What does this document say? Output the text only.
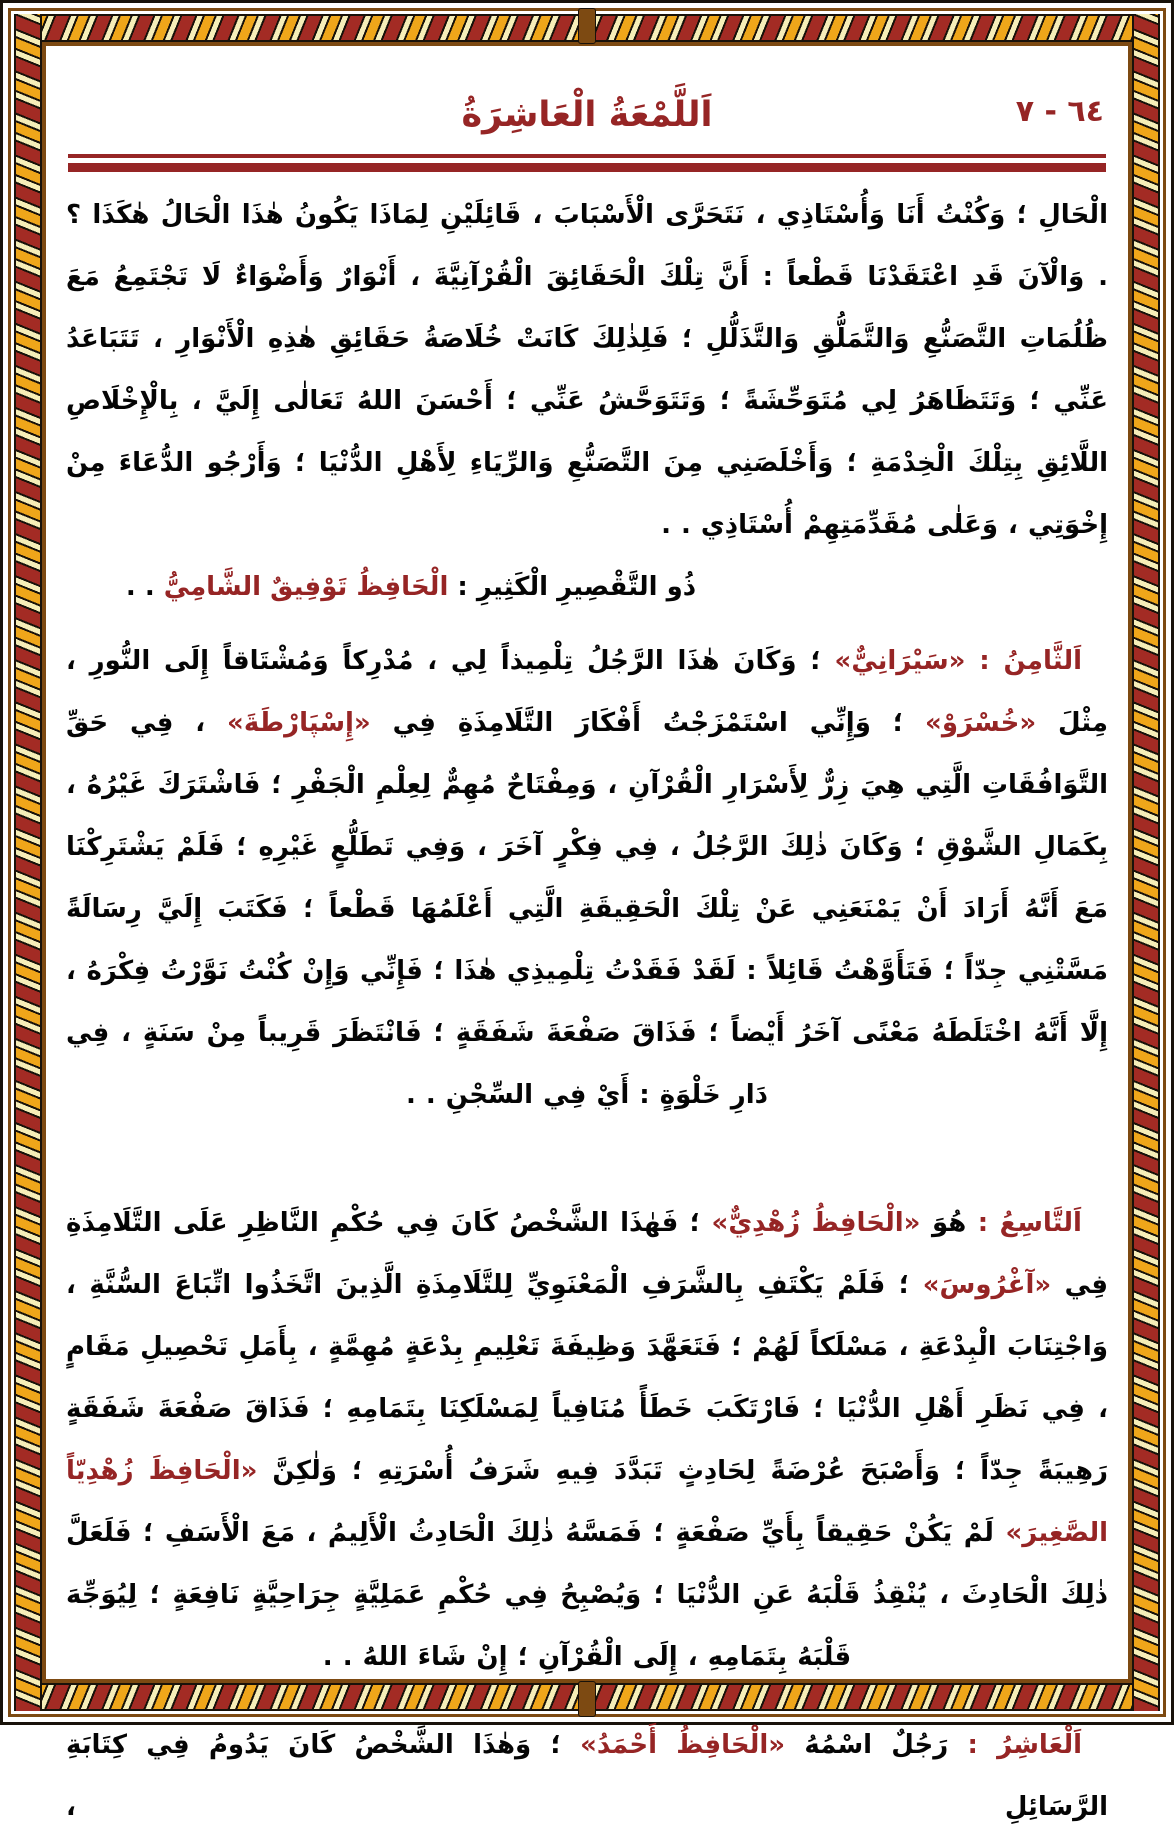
٦٤ - ٧
اَللَّمْعَةُ الْعَاشِرَةُ

الْحَالِ ؛ وَكُنْتُ أَنَا وَأُسْتَاذِي ، نَتَحَرَّى الْأَسْبَابَ ، قَائِلَيْنِ لِمَاذَا يَكُونُ هٰذَا الْحَالُ هٰكَذَا ؟ . وَالْآنَ قَدِ اعْتَقَدْنَا قَطْعاً : أَنَّ تِلْكَ الْحَقَائِقَ الْقُرْآنِيَّةَ ، أَنْوَارٌ وَأَضْوَاءٌ لَا تَجْتَمِعُ مَعَ ظُلُمَاتِ التَّصَنُّعِ وَالتَّمَلُّقِ وَالتَّذَلُّلِ ؛ فَلِذٰلِكَ كَانَتْ خُلَاصَةُ حَقَائِقِ هٰذِهِ الْأَنْوَارِ ، تَتَبَاعَدُ عَنِّي ؛ وَتَتَظَاهَرُ لِي مُتَوَحِّشَةً ؛ وَتَتَوَحَّشُ عَنِّي ؛ أَحْسَنَ اللهُ تَعَالٰى إِلَيَّ ، بِالْإِخْلَاصِ اللَّائِقِ بِتِلْكَ الْخِدْمَةِ ؛ وَأَخْلَصَنِي مِنَ التَّصَنُّعِ وَالرِّيَاءِ لِأَهْلِ الدُّنْيَا ؛ وَأَرْجُو الدُّعَاءَ مِنْ إِخْوَتِي ، وَعَلٰى مُقَدِّمَتِهِمْ أُسْتَاذِي . .

ذُو التَّقْصِيرِ الْكَثِيرِ : الْحَافِظُ تَوْفِيقٌ الشَّامِيُّ . .

اَلثَّامِنُ : «سَيْرَانِيٌّ» ؛ وَكَانَ هٰذَا الرَّجُلُ تِلْمِيذاً لِي ، مُدْرِكاً وَمُشْتَاقاً إِلَى النُّورِ ، مِثْلَ «خُسْرَوْ» ؛ وَإِنِّي اسْتَمْزَجْتُ أَفْكَارَ التَّلَامِذَةِ فِي «إِسْپَارْطَةَ» ، فِي حَقِّ التَّوَافُقَاتِ الَّتِي هِيَ زِرٌّ لِأَسْرَارِ الْقُرْآنِ ، وَمِفْتَاحٌ مُهِمٌّ لِعِلْمِ الْجَفْرِ ؛ فَاشْتَرَكَ غَيْرُهُ ، بِكَمَالِ الشَّوْقِ ؛ وَكَانَ ذٰلِكَ الرَّجُلُ ، فِي فِكْرٍ آخَرَ ، وَفِي تَطَلُّعٍ غَيْرِهِ ؛ فَلَمْ يَشْتَرِكْنَا مَعَ أَنَّهُ أَرَادَ أَنْ يَمْنَعَنِي عَنْ تِلْكَ الْحَقِيقَةِ الَّتِي أَعْلَمُهَا قَطْعاً ؛ فَكَتَبَ إِلَيَّ رِسَالَةً مَسَّتْنِي جِدّاً ؛ فَتَأَوَّهْتُ قَائِلاً : لَقَدْ فَقَدْتُ تِلْمِيذِي هٰذَا ؛ فَإِنِّي وَإِنْ كُنْتُ نَوَّرْتُ فِكْرَهُ ، إِلَّا أَنَّهُ اخْتَلَطَهُ مَعْنًى آخَرُ أَيْضاً ؛ فَذَاقَ صَفْعَةَ شَفَقَةٍ ؛ فَانْتَظَرَ قَرِيباً مِنْ سَنَةٍ ، فِي دَارِ خَلْوَةٍ : أَيْ فِي السِّجْنِ . .

اَلتَّاسِعُ : هُوَ «الْحَافِظُ زُهْدِيٌّ» ؛ فَهٰذَا الشَّخْصُ كَانَ فِي حُكْمِ النَّاظِرِ عَلَى التَّلَامِذَةِ فِي «آغْرُوسَ» ؛ فَلَمْ يَكْتَفِ بِالشَّرَفِ الْمَعْنَوِيِّ لِلتَّلَامِذَةِ الَّذِينَ اتَّخَذُوا اتِّبَاعَ السُّنَّةِ ، وَاجْتِنَابَ الْبِدْعَةِ ، مَسْلَكاً لَهُمْ ؛ فَتَعَهَّدَ وَظِيفَةَ تَعْلِيمِ بِدْعَةٍ مُهِمَّةٍ ، بِأَمَلِ تَحْصِيلِ مَقَامٍ ، فِي نَظَرِ أَهْلِ الدُّنْيَا ؛ فَارْتَكَبَ خَطَأً مُنَافِياً لِمَسْلَكِنَا بِتَمَامِهِ ؛ فَذَاقَ صَفْعَةَ شَفَقَةٍ رَهِيبَةً جِدّاً ؛ وَأَصْبَحَ عُرْضَةً لِحَادِثٍ تَبَدَّدَ فِيهِ شَرَفُ أُسْرَتِهِ ؛ وَلٰكِنَّ «الْحَافِظَ زُهْدِيّاً الصَّغِيرَ» لَمْ يَكُنْ حَقِيقاً بِأَيِّ صَفْعَةٍ ؛ فَمَسَّهُ ذٰلِكَ الْحَادِثُ الْأَلِيمُ ، مَعَ الْأَسَفِ ؛ فَلَعَلَّ ذٰلِكَ الْحَادِثَ ، يُنْقِذُ قَلْبَهُ عَنِ الدُّنْيَا ؛ وَيُصْبِحُ فِي حُكْمِ عَمَلِيَّةٍ جِرَاحِيَّةٍ نَافِعَةٍ ؛ لِيُوَجِّهَ قَلْبَهُ بِتَمَامِهِ ، إِلَى الْقُرْآنِ ؛ إِنْ شَاءَ اللهُ . .

اَلْعَاشِرُ : رَجُلٌ اسْمُهُ «الْحَافِظُ أَحْمَدُ» ؛ وَهٰذَا الشَّخْصُ كَانَ يَدُومُ فِي كِتَابَةِ الرَّسَائِلِ ،
